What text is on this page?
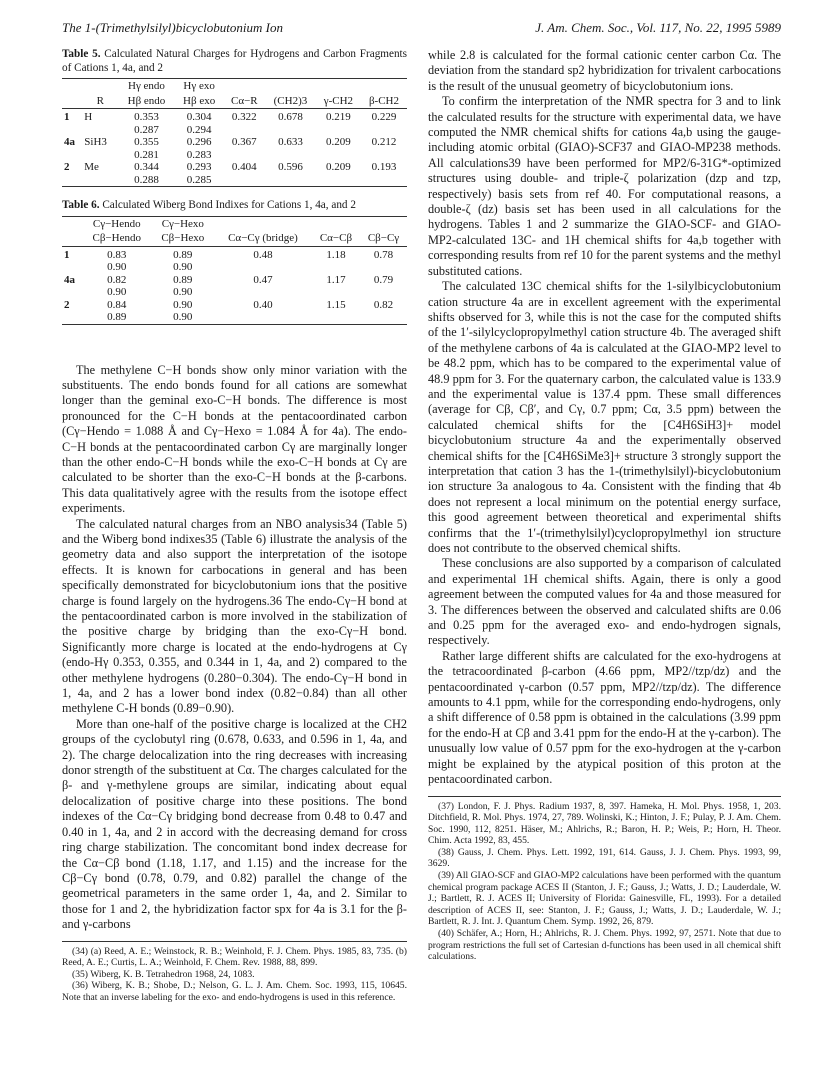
The 1-(Trimethylsilyl)bicyclobutonium Ion	J. Am. Chem. Soc., Vol. 117, No. 22, 1995 5989
Table 5. Calculated Natural Charges for Hydrogens and Carbon Fragments of Cations 1, 4a, and 2
		Hγ endo	Hγ exo				
	R	Hβ endo	Hβ exo	Cα−R	(CH2)3	γ-CH2	β-CH2
1	H	0.353	0.304	0.322	0.678	0.219	0.229
		0.287	0.294				
4a	SiH3	0.355	0.296	0.367	0.633	0.209	0.212
		0.281	0.283				
2	Me	0.344	0.293	0.404	0.596	0.209	0.193
		0.288	0.285				
Table 6. Calculated Wiberg Bond Indixes for Cations 1, 4a, and 2
	Cγ−Hendo	Cγ−Hexo			
	Cβ−Hendo	Cβ−Hexo	Cα−Cγ (bridge)	Cα−Cβ	Cβ−Cγ
1	0.83	0.89	0.48	1.18	0.78
	0.90	0.90			
4a	0.82	0.89	0.47	1.17	0.79
	0.90	0.90			
2	0.84	0.90	0.40	1.15	0.82
	0.89	0.90			

The methylene C−H bonds show only minor variation with the substituents. The endo bonds found for all cations are somewhat longer than the geminal exo-C−H bonds. The difference is most pronounced for the C−H bonds at the pentacoordinated carbon (Cγ−Hendo = 1.088 Å and Cγ−Hexo = 1.084 Å for 4a). The endo-C−H bonds at the pentacoordinated carbon Cγ are marginally longer than the other endo-C−H bonds while the exo-C−H bonds at Cγ are calculated to be shorter than the exo-C−H bonds at the β-carbons. This data qualitatively agree with the results from the isotope effect experiments.

The calculated natural charges from an NBO analysis34 (Table 5) and the Wiberg bond indixes35 (Table 6) illustrate the analysis of the geometry data and also support the interpretation of the isotope effects. It is known for carbocations in general and has been specifically demonstrated for bicyclobutonium ions that the positive charge is found largely on the hydrogens.36 The endo-Cγ−H bond at the pentacoordinated carbon is more involved in the stabilization of the positive charge by bridging than the exo-Cγ−H bond. Significantly more charge is located at the endo-hydrogens at Cγ (endo-Hγ 0.353, 0.355, and 0.344 in 1, 4a, and 2) compared to the other methylene hydrogens (0.280−0.304). The endo-Cγ−H bond in 1, 4a, and 2 has a lower bond index (0.82−0.84) than all other methylene C-H bonds (0.89−0.90).

More than one-half of the positive charge is localized at the CH2 groups of the cyclobutyl ring (0.678, 0.633, and 0.596 in 1, 4a, and 2). The charge delocalization into the ring decreases with increasing donor strength of the substituent at Cα. The charges calculated for the β- and γ-methylene groups are similar, indicating about equal delocalization of positive charge into these positions. The bond indexes of the Cα−Cγ bridging bond decrease from 0.48 to 0.47 and 0.40 in 1, 4a, and 2 in accord with the decreasing demand for cross ring charge stabilization. The concomitant bond index decrease for the Cα−Cβ bond (1.18, 1.17, and 1.15) and the increase for the Cβ−Cγ bond (0.78, 0.79, and 0.82) parallel the change of the geometrical parameters in the same order 1, 4a, and 2. Similar to those for 1 and 2, the hybridization factor spx for 4a is 3.1 for the β- and γ-carbons

(34) (a) Reed, A. E.; Weinstock, R. B.; Weinhold, F. J. Chem. Phys. 1985, 83, 735. (b) Reed, A. E.; Curtis, L. A.; Weinhold, F. Chem. Rev. 1988, 88, 899.

(35) Wiberg, K. B. Tetrahedron 1968, 24, 1083.

(36) Wiberg, K. B.; Shobe, D.; Nelson, G. L. J. Am. Chem. Soc. 1993, 115, 10645. Note that an inverse labeling for the exo- and endo-hydrogens is used in this reference.

while 2.8 is calculated for the formal cationic center carbon Cα. The deviation from the standard sp2 hybridization for trivalent carbocations is the result of the unusual geometry of bicyclobutonium ions.

To confirm the interpretation of the NMR spectra for 3 and to link the calculated results for the structure with experimental data, we have computed the NMR chemical shifts for cations 4a,b using the gauge-including atomic orbital (GIAO)-SCF37 and GIAO-MP238 methods. All calculations39 have been performed for MP2/6-31G*-optimized structures using double- and triple-ζ polarization (dzp and tzp, respectively) basis sets from ref 40. For computational reasons, a double-ζ (dz) basis set has been used in all calculations for the hydrogens. Tables 1 and 2 summarize the GIAO-SCF- and GIAO-MP2-calculated 13C- and 1H chemical shifts for 4a,b together with corresponding results from ref 10 for the parent systems and the methyl substituted cations.

The calculated 13C chemical shifts for the 1-silylbicyclobutonium cation structure 4a are in excellent agreement with the experimental shifts observed for 3, while this is not the case for the computed shifts of the 1′-silylcyclopropylmethyl cation structure 4b. The averaged shift of the methylene carbons of 4a is calculated at the GIAO-MP2 level to be 48.2 ppm, which has to be compared to the experimental value of 48.9 ppm for 3. For the quaternary carbon, the calculated value is 133.9 and the experimental value is 137.4 ppm. These small differences (average for Cβ, Cβ′, and Cγ, 0.7 ppm; Cα, 3.5 ppm) between the calculated chemical shifts for the [C4H6SiH3]+ model bicyclobutonium structure 4a and the experimentally observed chemical shifts for the [C4H6SiMe3]+ structure 3 strongly support the interpretation that cation 3 has the 1-(trimethylsilyl)-bicyclobutonium ion structure 3a analogous to 4a. Consistent with the finding that 4b does not represent a local minimum on the potential energy surface, this good agreement between theoretical and experimental shifts confirms that the 1′-(trimethylsilyl)cyclopropylmethyl ion structure does not contribute to the observed chemical shifts.

These conclusions are also supported by a comparison of calculated and experimental 1H chemical shifts. Again, there is only a good agreement between the computed values for 4a and those measured for 3. The differences between the observed and calculated shifts are 0.06 and 0.25 ppm for the averaged exo- and endo-hydrogen signals, respectively.

Rather large different shifts are calculated for the exo-hydrogens at the tetracoordinated β-carbon (4.66 ppm, MP2//tzp/dz) and the pentacoordinated γ-carbon (0.57 ppm, MP2//tzp/dz). The difference amounts to 4.1 ppm, while for the corresponding endo-hydrogens, only a shift difference of 0.58 ppm is obtained in the calculations (3.99 ppm for the endo-H at Cβ and 3.41 ppm for the endo-H at the γ-carbon). The unusually low value of 0.57 ppm for the exo-hydrogen at the γ-carbon might be explained by the atypical position of this proton at the pentacoordinated carbon.

(37) London, F. J. Phys. Radium 1937, 8, 397. Hameka, H. Mol. Phys. 1958, 1, 203. Ditchfield, R. Mol. Phys. 1974, 27, 789. Wolinski, K.; Hinton, J. F.; Pulay, P. J. Am. Chem. Soc. 1990, 112, 8251. Häser, M.; Ahlrichs, R.; Baron, H. P.; Weis, P.; Horn, H. Theor. Chim. Acta 1992, 83, 455.

(38) Gauss, J. Chem. Phys. Lett. 1992, 191, 614. Gauss, J. J. Chem. Phys. 1993, 99, 3629.

(39) All GIAO-SCF and GIAO-MP2 calculations have been performed with the quantum chemical program package ACES II (Stanton, J. F.; Gauss, J.; Watts, J. D.; Lauderdale, W. J.; Bartlett, R. J. ACES II; University of Florida: Gainesville, FL, 1993). For a detailed description of ACES II, see: Stanton, J. F.; Gauss, J.; Watts, J. D.; Lauderdale, W. J.; Bartlett, R. J. Int. J. Quantum Chem. Symp. 1992, 26, 879.

(40) Schäfer, A.; Horn, H.; Ahlrichs, R. J. Chem. Phys. 1992, 97, 2571. Note that due to program restrictions the full set of Cartesian d-functions has been used in all chemical shift calculations.
